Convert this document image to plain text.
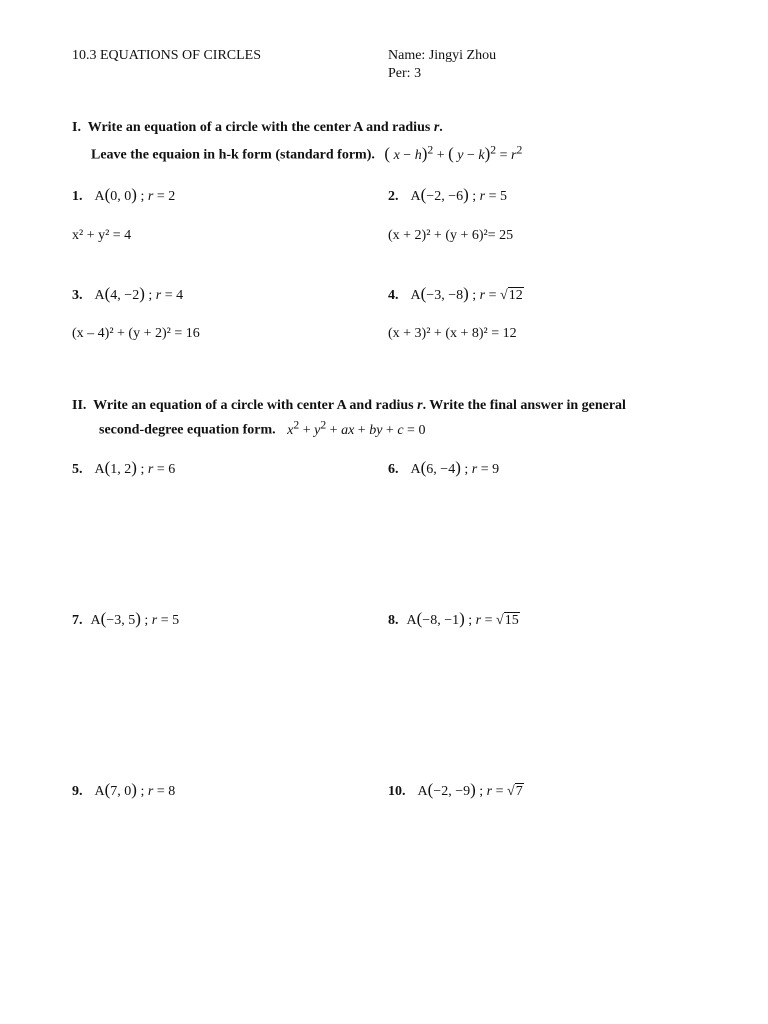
10.3 EQUATIONS OF CIRCLES	Name: Jingyi Zhou
Per: 3
I. Write an equation of a circle with the center A and radius r.
Leave the equaion in h-k form (standard form). ( x − h)$^2$ + ( $y - k)^2 = r^2$
1. A(0, 0) ; r = 2
x² + y² = 4
2. A(−2, −6) ; r = 5
(x + 2)² + (y + 6)²= 25
3. A(4, −2) ; r = 4
(x – 4)² + (y + 2)² = 16
4. A(−3, −8) ; r = √12
(x + 3)² + (x + 8)² = 12
II. Write an equation of a circle with center A and radius r. Write the final answer in general
second-degree equation form. $x^2 + y^2$ + ax + by + c = 0
5. A(1, 2) ; r = 6	6. A(6, −4) ; r = 9
7. A(−3, 5) ; r = 5	8. A(−8, −1) ; r = √15
9. A(7, 0) ; r = 8	10. A(−2, −9) ; r = √7
